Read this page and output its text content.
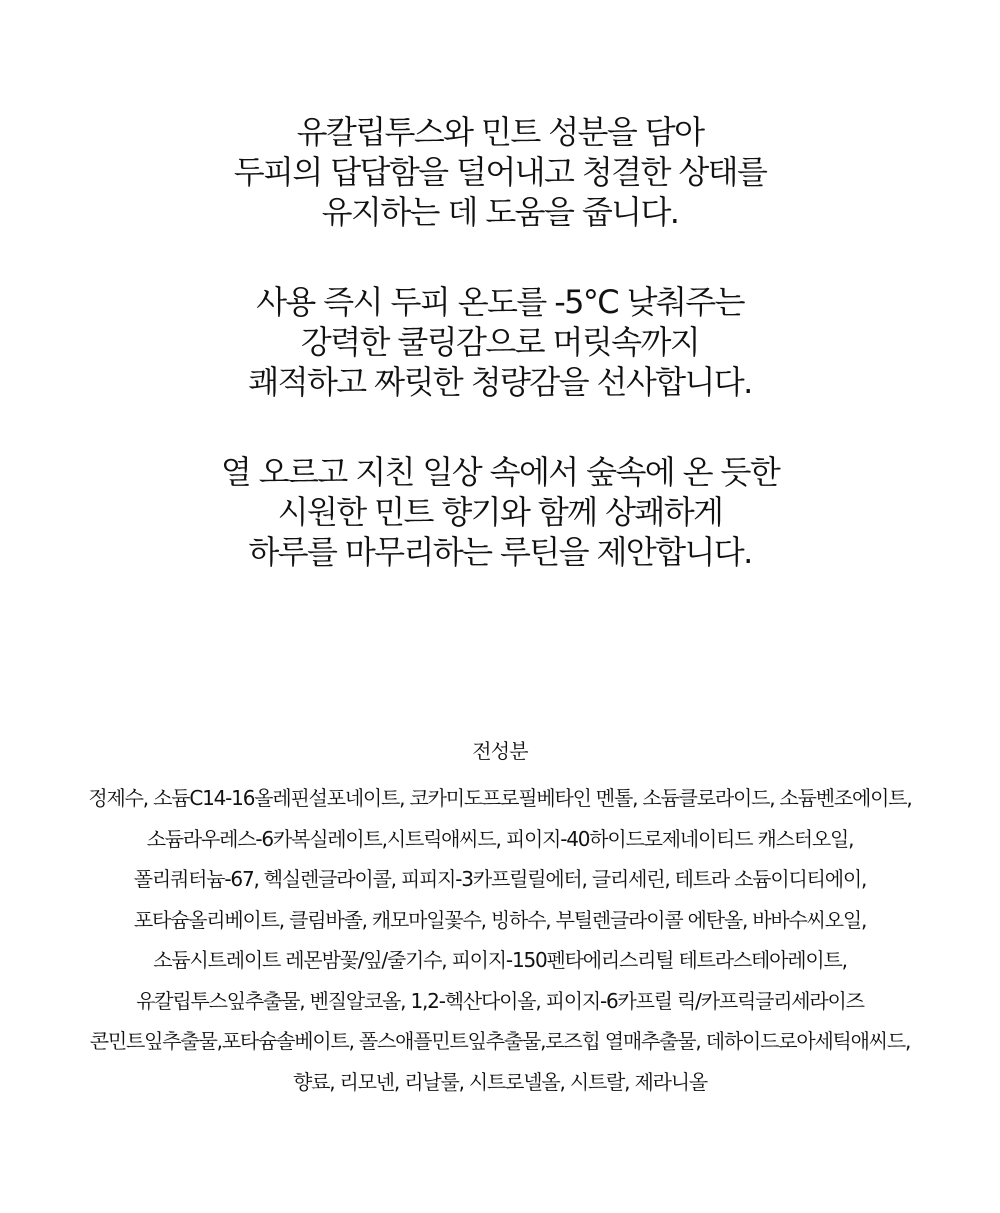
유칼립투스와 민트 성분을 담아
두피의 답답함을 덜어내고 청결한 상태를
유지하는 데 도움을 줍니다.
사용 즉시 두피 온도를 -5°C 낮춰주는
강력한 쿨링감으로 머릿속까지
쾌적하고 짜릿한 청량감을 선사합니다.
열 오르고 지친 일상 속에서 숲속에 온 듯한
시원한 민트 향기와 함께 상쾌하게
하루를 마무리하는 루틴을 제안합니다.
전성분
정제수, 소듐C14-16올레핀설포네이트, 코카미도프로필베타인 멘톨, 소듐클로라이드, 소듐벤조에이트,
소듐라우레스-6카복실레이트,시트릭애씨드, 피이지-40하이드로제네이티드 캐스터오일,
폴리쿼터늄-67, 헥실렌글라이콜, 피피지-3카프릴릴에터, 글리세린, 테트라 소듐이디티에이,
포타슘올리베이트, 클림바졸, 캐모마일꽃수, 빙하수, 부틸렌글라이콜 에탄올, 바바수씨오일,
소듐시트레이트 레몬밤꽃/잎/줄기수, 피이지-150펜타에리스리틸 테트라스테아레이트,
유칼립투스잎추출물, 벤질알코올, 1,2-헥산다이올, 피이지-6카프릴 릭/카프릭글리세라이즈
콘민트잎추출물,포타슘솔베이트, 폴스애플민트잎추출물,로즈힙 열매추출물, 데하이드로아세틱애씨드,
향료, 리모넨, 리날룰, 시트로넬올, 시트랄, 제라니올
